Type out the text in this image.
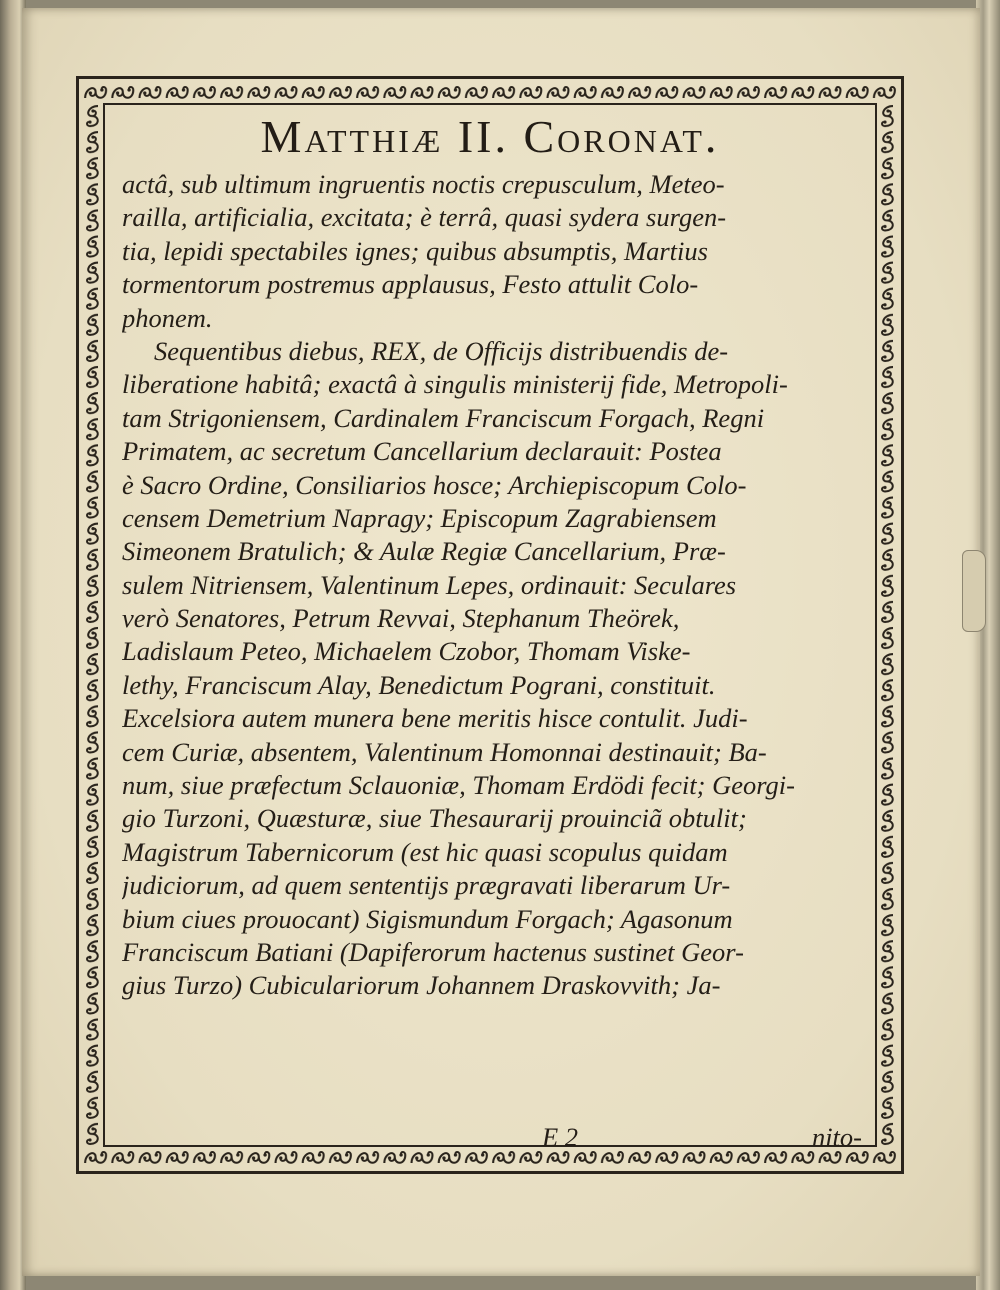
Matthiæ II. Coronat.
actâ, sub ultimum ingruentis noctis crepusculum, Meteo-
railla, artificialia, excitata; è terrâ, quasi sydera surgen-
tia, lepidi spectabiles ignes; quibus absumptis, Martius
tormentorum postremus applausus, Festo attulit Colo-
phonem.
Sequentibus diebus, REX, de Officijs distribuendis de-
liberatione habitâ; exactâ à singulis ministerij fide, Metropoli-
tam Strigoniensem, Cardinalem Franciscum Forgach, Regni
Primatem, ac secretum Cancellarium declarauit: Postea
è Sacro Ordine, Consiliarios hosce; Archiepiscopum Colo-
censem Demetrium Napragy; Episcopum Zagrabiensem
Simeonem Bratulich; & Aulæ Regiæ Cancellarium, Præ-
sulem Nitriensem, Valentinum Lepes, ordinauit: Seculares
verò Senatores, Petrum Revvai, Stephanum Theörek,
Ladislaum Peteo, Michaelem Czobor, Thomam Viske-
lethy, Franciscum Alay, Benedictum Pograni, constituit.
Excelsiora autem munera bene meritis hisce contulit. Judi-
cem Curiæ, absentem, Valentinum Homonnai destinauit; Ba-
num, siue præfectum Sclauoniæ, Thomam Erdödi fecit; Georgi-
gio Turzoni, Quæsturæ, siue Thesaurarij prouinciã obtulit;
Magistrum Tabernicorum (est hic quasi scopulus quidam
judiciorum, ad quem sententijs prægravati liberarum Ur-
bium ciues prouocant) Sigismundum Forgach; Agasonum
Franciscum Batiani (Dapiferorum hactenus sustinet Geor-
gius Turzo) Cubiculariorum Johannem Draskovvith; Ja-
E 2	nito-
